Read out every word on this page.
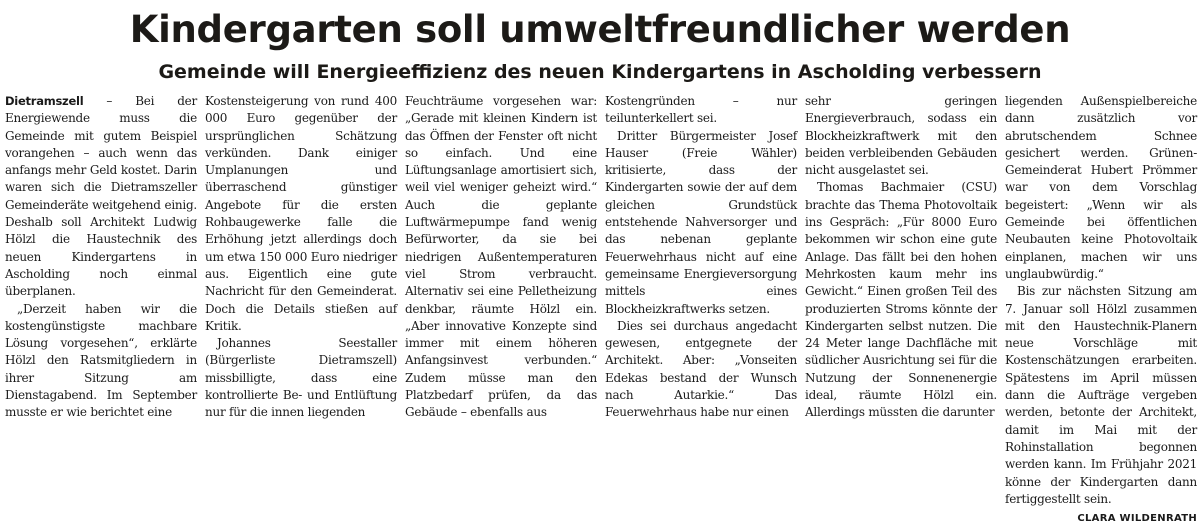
Kindergarten soll umweltfreundlicher werden
Gemeinde will Energieeffizienz des neuen Kindergartens in Ascholding verbessern

Dietramszell – Bei der Energiewende muss die Gemeinde mit gutem Beispiel vorangehen – auch wenn das anfangs mehr Geld kostet. Darin waren sich die Dietramszeller Gemeinderäte weitgehend einig. Deshalb soll Architekt Ludwig Hölzl die Haustechnik des neuen Kindergartens in Ascholding noch einmal überplanen.

„Derzeit haben wir die kostengünstigste machbare Lösung vorgesehen“, erklärte Hölzl den Ratsmitgliedern in ihrer Sitzung am Dienstagabend. Im September musste er wie berichtet eine

Kostensteigerung von rund 400 000 Euro gegenüber der ursprünglichen Schätzung verkünden. Dank einiger Umplanungen und überraschend günstiger Angebote für die ersten Rohbaugewerke falle die Erhöhung jetzt allerdings doch um etwa 150 000 Euro niedriger aus. Eigentlich eine gute Nachricht für den Gemeinderat. Doch die Details stießen auf Kritik.

Johannes Seestaller (Bürgerliste Dietramszell) missbilligte, dass eine kontrollierte Be- und Entlüftung nur für die innen liegenden

Feuchträume vorgesehen war: „Gerade mit kleinen Kindern ist das Öffnen der Fenster oft nicht so einfach. Und eine Lüftungsanlage amortisiert sich, weil viel weniger geheizt wird.“ Auch die geplante Luftwärmepumpe fand wenig Befürworter, da sie bei niedrigen Außentemperaturen viel Strom verbraucht. Alternativ sei eine Pelletheizung denkbar, räumte Hölzl ein. „Aber innovative Konzepte sind immer mit einem höheren Anfangsinvest verbunden.“ Zudem müsse man den Platzbedarf prüfen, da das Gebäude – ebenfalls aus

Kostengründen – nur teilunterkellert sei.

Dritter Bürgermeister Josef Hauser (Freie Wähler) kritisierte, dass der Kindergarten sowie der auf dem gleichen Grundstück entstehende Nahversorger und das nebenan geplante Feuerwehrhaus nicht auf eine gemeinsame Energieversorgung mittels eines Blockheizkraftwerks setzen.

Dies sei durchaus angedacht gewesen, entgegnete der Architekt. Aber: „Vonseiten Edekas bestand der Wunsch nach Autarkie.“ Das Feuerwehrhaus habe nur einen

sehr geringen Energieverbrauch, sodass ein Blockheizkraftwerk mit den beiden verbleibenden Gebäuden nicht ausgelastet sei.

Thomas Bachmaier (CSU) brachte das Thema Photovoltaik ins Gespräch: „Für 8000 Euro bekommen wir schon eine gute Anlage. Das fällt bei den hohen Mehrkosten kaum mehr ins Gewicht.“ Einen großen Teil des produzierten Stroms könnte der Kindergarten selbst nutzen. Die 24 Meter lange Dachfläche mit südlicher Ausrichtung sei für die Nutzung der Sonnenenergie ideal, räumte Hölzl ein. Allerdings müssten die darunter

liegenden Außenspielbereiche dann zusätzlich vor abrutschendem Schnee gesichert werden. Grünen-Gemeinderat Hubert Prömmer war von dem Vorschlag begeistert: „Wenn wir als Gemeinde bei öffentlichen Neubauten keine Photovoltaik einplanen, machen wir uns unglaubwürdig.“

Bis zur nächsten Sitzung am 7. Januar soll Hölzl zusammen mit den Haustechnik-Planern neue Vorschläge mit Kostenschätzungen erarbeiten. Spätestens im April müssen dann die Aufträge vergeben werden, betonte der Architekt, damit im Mai mit der Rohinstallation begonnen werden kann. Im Frühjahr 2021 könne der Kindergarten dann fertiggestellt sein.
CLARA WILDENRATH
